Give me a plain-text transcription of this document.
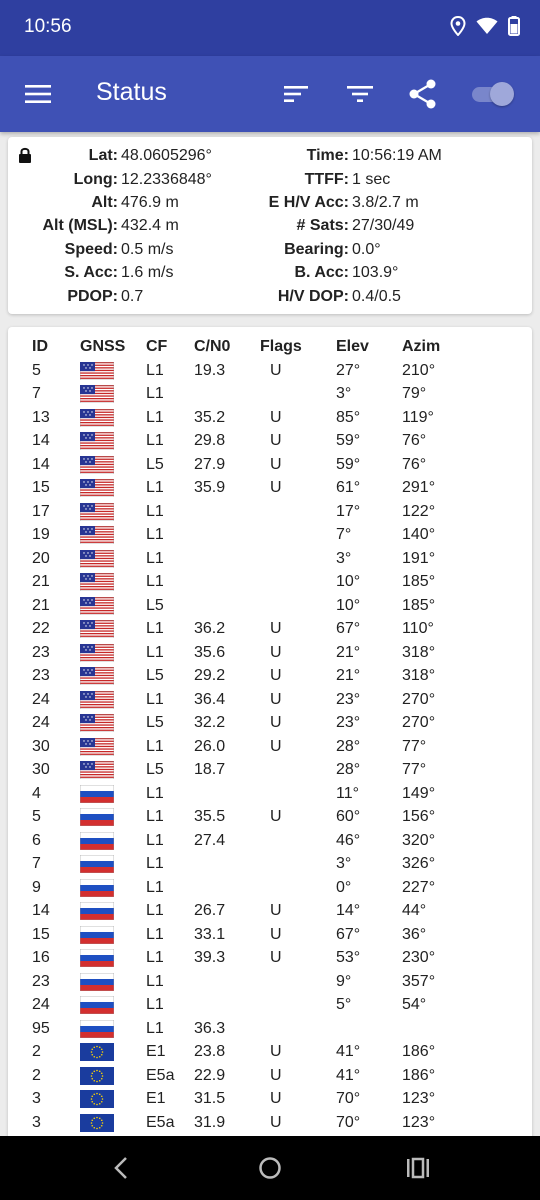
10:56
Status
Lat: 48.0605296°
Long: 12.2336848°
Alt: 476.9 m
Alt (MSL): 432.4 m
Speed: 0.5 m/s
S. Acc: 1.6 m/s
PDOP: 0.7
Time: 10:56:19 AM
TTFF: 1 sec
E H/V Acc: 3.8/2.7 m
# Sats: 27/30/49
Bearing: 0.0°
B. Acc: 103.9°
H/V DOP: 0.4/0.5
ID	GNSS	CF	C/N0	Flags	Elev	Azim
5		L1	19.3	U	27°	210°
7		L1			3°	79°
13		L1	35.2	U	85°	119°
14		L1	29.8	U	59°	76°
14		L5	27.9	U	59°	76°
15		L1	35.9	U	61°	291°
17		L1			17°	122°
19		L1			7°	140°
20		L1			3°	191°
21		L1			10°	185°
21		L5			10°	185°
22		L1	36.2	U	67°	110°
23		L1	35.6	U	21°	318°
23		L5	29.2	U	21°	318°
24		L1	36.4	U	23°	270°
24		L5	32.2	U	23°	270°
30		L1	26.0	U	28°	77°
30		L5	18.7		28°	77°
4		L1			11°	149°
5		L1	35.5	U	60°	156°
6		L1	27.4		46°	320°
7		L1			3°	326°
9		L1			0°	227°
14		L1	26.7	U	14°	44°
15		L1	33.1	U	67°	36°
16		L1	39.3	U	53°	230°
23		L1			9°	357°
24		L1			5°	54°
95		L1	36.3			
2		E1	23.8	U	41°	186°
2		E5a	22.9	U	41°	186°
3		E1	31.5	U	70°	123°
3		E5a	31.9	U	70°	123°
